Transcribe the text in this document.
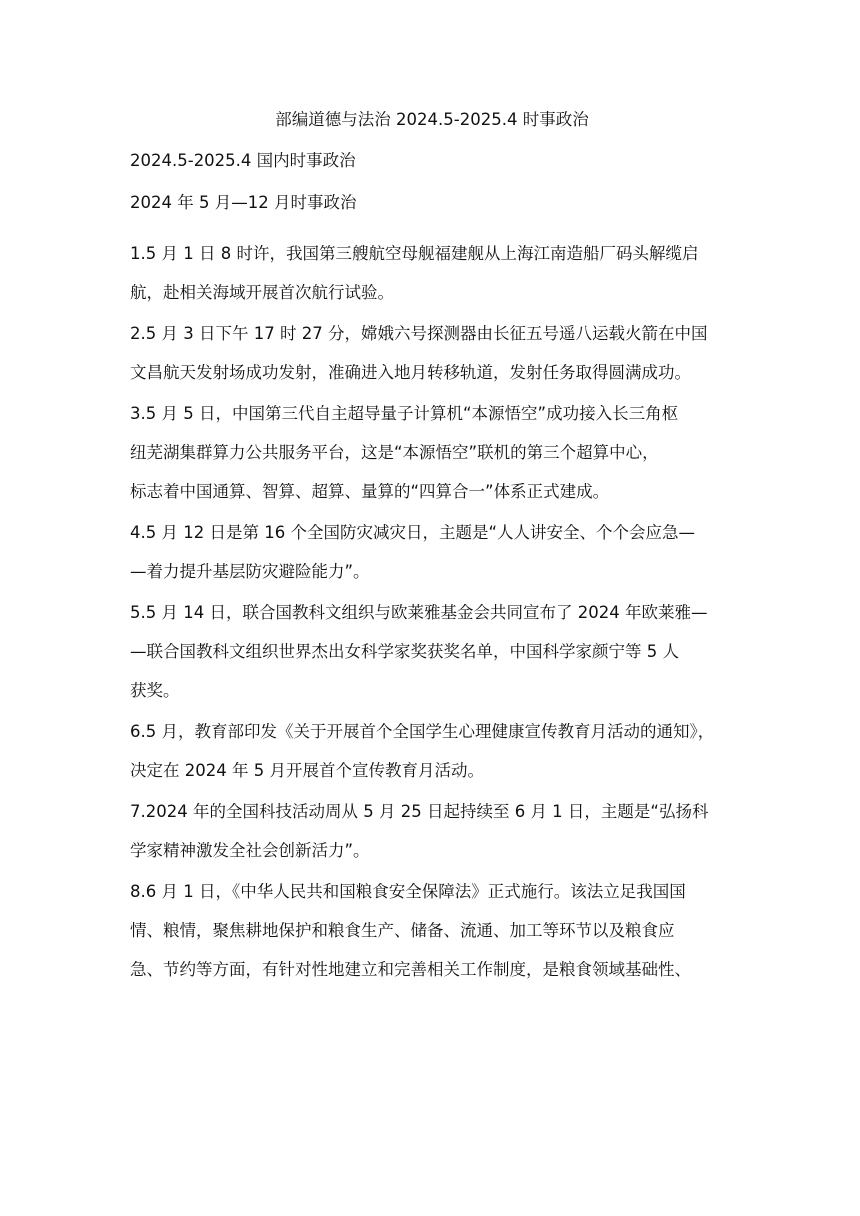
部编道德与法治 2024.5-2025.4 时事政治
2024.5-2025.4 国内时事政治
2024 年 5 月—12 月时事政治
1.5 月 1 日 8 时许，我国第三艘航空母舰福建舰从上海江南造船厂码头解缆启
航，赴相关海域开展首次航行试验。
2.5 月 3 日下午 17 时 27 分，嫦娥六号探测器由长征五号遥八运载火箭在中国
文昌航天发射场成功发射，准确进入地月转移轨道，发射任务取得圆满成功。
3.5 月 5 日，中国第三代自主超导量子计算机“本源悟空”成功接入长三角枢
纽芜湖集群算力公共服务平台，这是“本源悟空”联机的第三个超算中心，
标志着中国通算、智算、超算、量算的“四算合一”体系正式建成。
4.5 月 12 日是第 16 个全国防灾减灾日，主题是“人人讲安全、个个会应急—
—着力提升基层防灾避险能力”。
5.5 月 14 日，联合国教科文组织与欧莱雅基金会共同宣布了 2024 年欧莱雅—
—联合国教科文组织世界杰出女科学家奖获奖名单，中国科学家颜宁等 5 人
获奖。
6.5 月，教育部印发《关于开展首个全国学生心理健康宣传教育月活动的通知》，
决定在 2024 年 5 月开展首个宣传教育月活动。
7.2024 年的全国科技活动周从 5 月 25 日起持续至 6 月 1 日，主题是“弘扬科
学家精神激发全社会创新活力”。
8.6 月 1 日，《中华人民共和国粮食安全保障法》正式施行。该法立足我国国
情、粮情，聚焦耕地保护和粮食生产、储备、流通、加工等环节以及粮食应
急、节约等方面，有针对性地建立和完善相关工作制度，是粮食领域基础性、
